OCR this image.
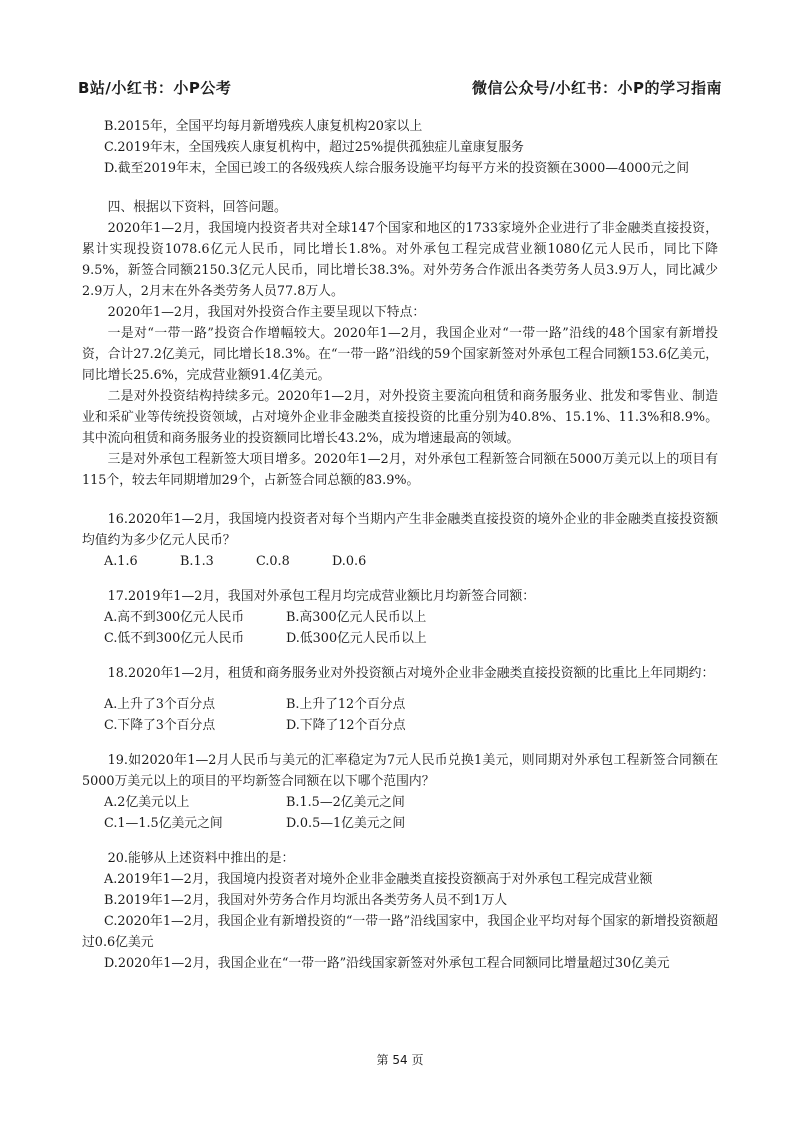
B站/小红书：小P公考	微信公众号/小红书：小P的学习指南

B.2015年，全国平均每月新增残疾人康复机构20家以上

C.2019年末，全国残疾人康复机构中，超过25%提供孤独症儿童康复服务

D.截至2019年末，全国已竣工的各级残疾人综合服务设施平均每平方米的投资额在3000—4000元之间

四、根据以下资料，回答问题。

2020年1—2月，我国境内投资者共对全球147个国家和地区的1733家境外企业进行了非金融类直接投资，累计实现投资1078.6亿元人民币，同比增长1.8%。对外承包工程完成营业额1080亿元人民币，同比下降9.5%，新签合同额2150.3亿元人民币，同比增长38.3%。对外劳务合作派出各类劳务人员3.9万人，同比减少2.9万人，2月末在外各类劳务人员77.8万人。

2020年1—2月，我国对外投资合作主要呈现以下特点：

一是对“一带一路”投资合作增幅较大。2020年1—2月，我国企业对“一带一路”沿线的48个国家有新增投资，合计27.2亿美元，同比增长18.3%。在“一带一路”沿线的59个国家新签对外承包工程合同额153.6亿美元，同比增长25.6%，完成营业额91.4亿美元。

二是对外投资结构持续多元。2020年1—2月，对外投资主要流向租赁和商务服务业、批发和零售业、制造业和采矿业等传统投资领域，占对境外企业非金融类直接投资的比重分别为40.8%、15.1%、11.3%和8.9%。其中流向租赁和商务服务业的投资额同比增长43.2%，成为增速最高的领域。

三是对外承包工程新签大项目增多。2020年1—2月，对外承包工程新签合同额在5000万美元以上的项目有115个，较去年同期增加29个，占新签合同总额的83.9%。

16.2020年1—2月，我国境内投资者对每个当期内产生非金融类直接投资的境外企业的非金融类直接投资额均值约为多少亿元人民币？

A.1.6	B.1.3	C.0.8	D.0.6

17.2019年1—2月，我国对外承包工程月均完成营业额比月均新签合同额：

A.高不到300亿元人民币	B.高300亿元人民币以上
C.低不到300亿元人民币	D.低300亿元人民币以上

18.2020年1—2月，租赁和商务服务业对外投资额占对境外企业非金融类直接投资额的比重比上年同期约：

A.上升了3个百分点	B.上升了12个百分点
C.下降了3个百分点	D.下降了12个百分点

19.如2020年1—2月人民币与美元的汇率稳定为7元人民币兑换1美元，则同期对外承包工程新签合同额在5000万美元以上的项目的平均新签合同额在以下哪个范围内？

A.2亿美元以上	B.1.5—2亿美元之间
C.1—1.5亿美元之间	D.0.5—1亿美元之间

20.能够从上述资料中推出的是：

A.2019年1—2月，我国境内投资者对境外企业非金融类直接投资额高于对外承包工程完成营业额

B.2019年1—2月，我国对外劳务合作月均派出各类劳务人员不到1万人

C.2020年1—2月，我国企业有新增投资的“一带一路”沿线国家中，我国企业平均对每个国家的新增投资额超过0.6亿美元

D.2020年1—2月，我国企业在“一带一路”沿线国家新签对外承包工程合同额同比增量超过30亿美元

第 54 页
